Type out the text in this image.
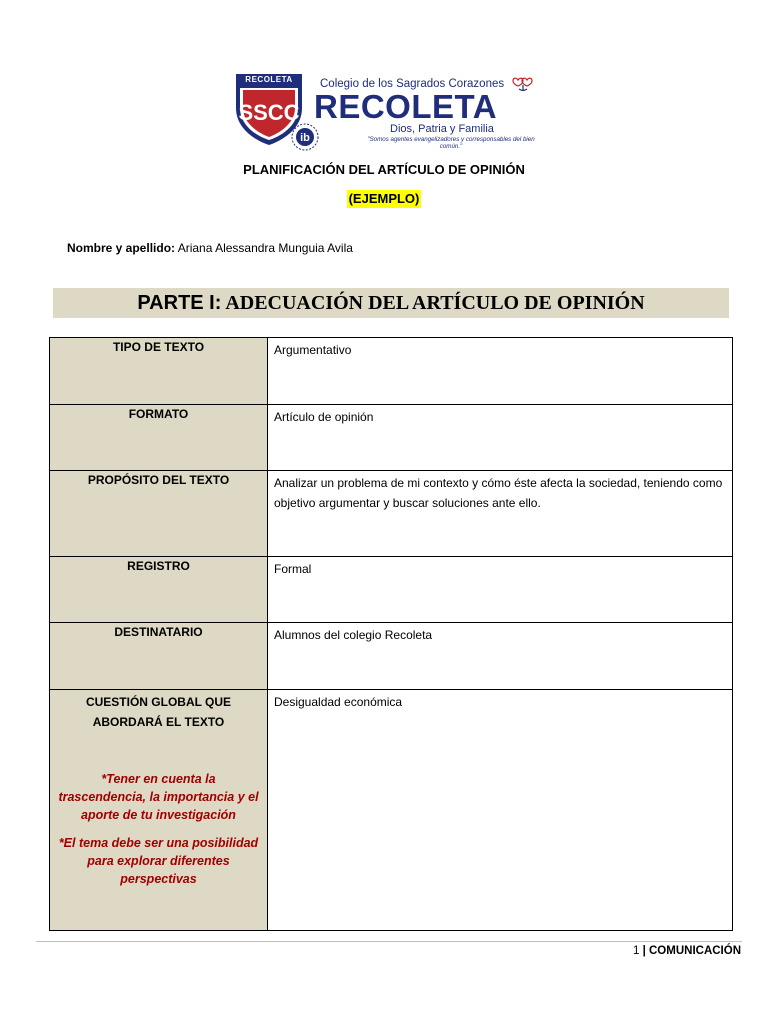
SSCC
RECOLETA	Colegio de los Sagrados Corazones
RECOLETA
ib
Dios, Patria y Familia
"Somos agentes evangelizadores y corresponsables del bien común."
PLANIFICACIÓN DEL ARTÍCULO DE OPINIÓN
(EJEMPLO)
Nombre y apellido: Ariana Alessandra Munguia Avila
PARTE I: ADECUACIÓN DEL ARTÍCULO DE OPINIÓN
TIPO DE TEXTO	Argumentativo
FORMATO	Artículo de opinión
PROPÓSITO DEL TEXTO	Analizar un problema de mi contexto y cómo éste afecta la sociedad, teniendo como objetivo argumentar y buscar soluciones ante ello.
REGISTRO	Formal
DESTINATARIO	Alumnos del colegio Recoleta

CUESTIÓN GLOBAL QUE ABORDARÁ EL TEXTO
*Tener en cuenta la trascendencia, la importancia y el aporte de tu investigación
*El tema debe ser una posibilidad para explorar diferentes perspectivas	Desigualdad económica
1 | COMUNICACIÓN
